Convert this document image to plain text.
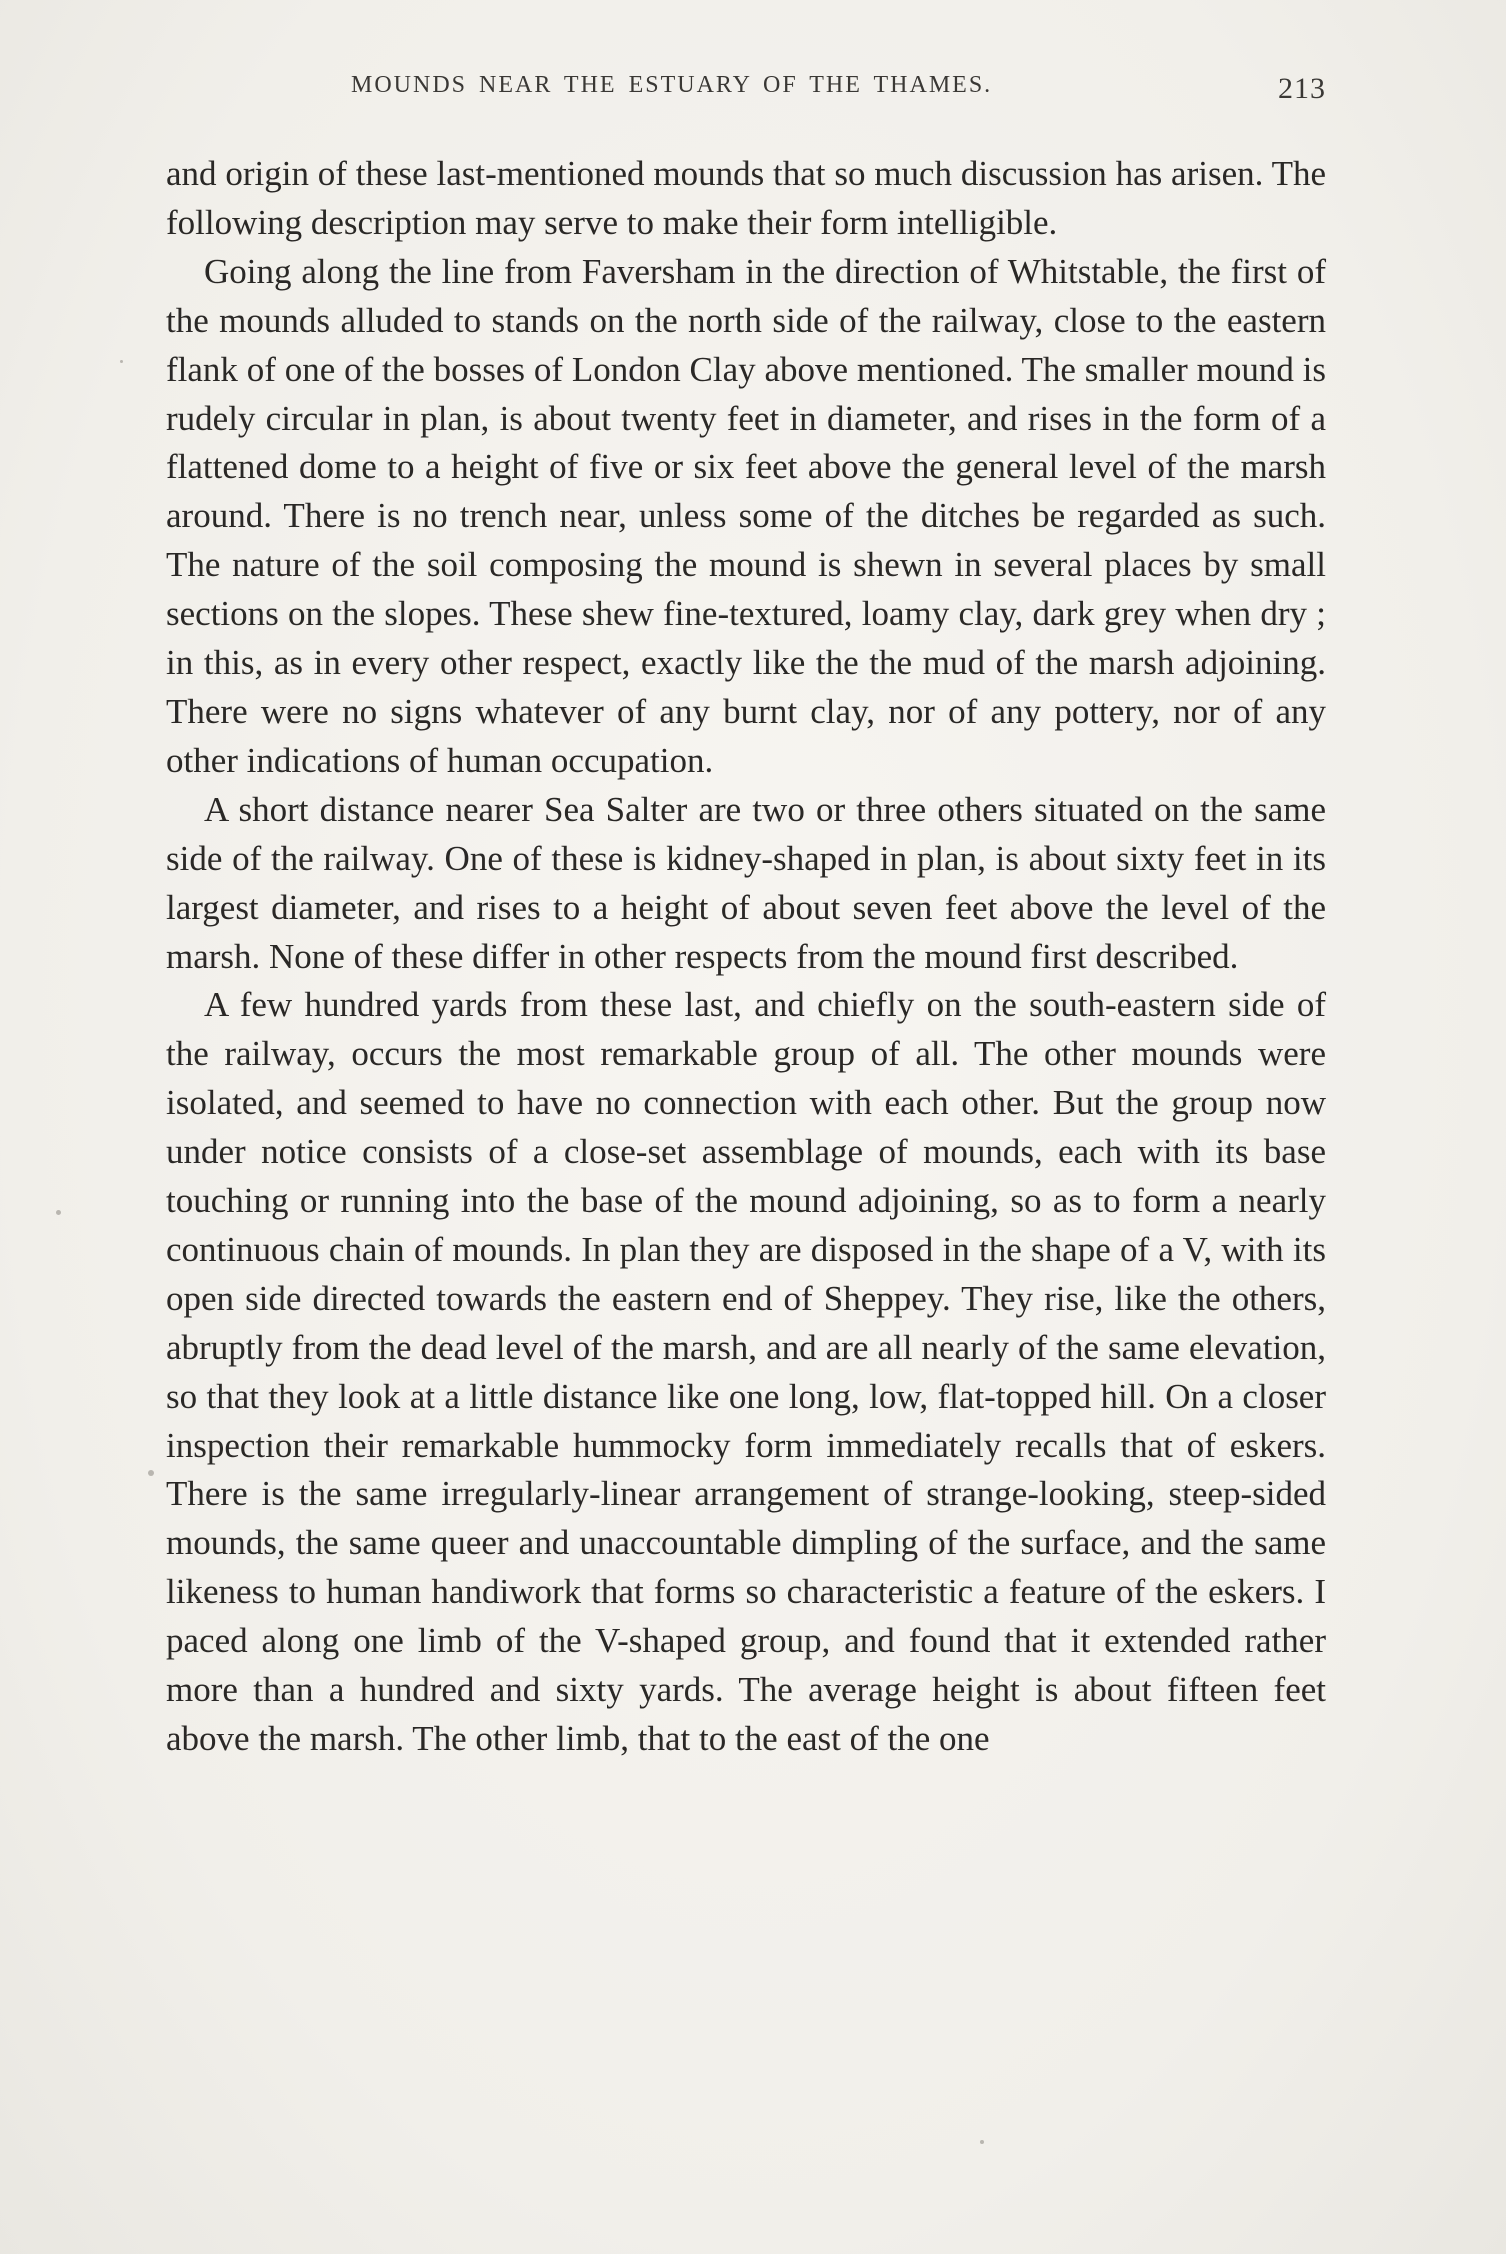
MOUNDS NEAR THE ESTUARY OF THE THAMES.	213

and origin of these last-mentioned mounds that so much discussion has arisen. The following description may serve to make their form intelligible.

Going along the line from Faversham in the direction of Whitstable, the first of the mounds alluded to stands on the north side of the railway, close to the eastern flank of one of the bosses of London Clay above mentioned. The smaller mound is rudely circular in plan, is about twenty feet in diameter, and rises in the form of a flattened dome to a height of five or six feet above the general level of the marsh around. There is no trench near, unless some of the ditches be regarded as such. The nature of the soil composing the mound is shewn in several places by small sections on the slopes. These shew fine-textured, loamy clay, dark grey when dry ; in this, as in every other respect, exactly like the the mud of the marsh adjoining. There were no signs whatever of any burnt clay, nor of any pottery, nor of any other indications of human occupation.

A short distance nearer Sea Salter are two or three others situated on the same side of the railway. One of these is kidney-shaped in plan, is about sixty feet in its largest diameter, and rises to a height of about seven feet above the level of the marsh. None of these differ in other respects from the mound first described.

A few hundred yards from these last, and chiefly on the south-eastern side of the railway, occurs the most remarkable group of all. The other mounds were isolated, and seemed to have no connection with each other. But the group now under notice consists of a close-set assemblage of mounds, each with its base touching or running into the base of the mound adjoining, so as to form a nearly continuous chain of mounds. In plan they are disposed in the shape of a V, with its open side directed towards the eastern end of Sheppey. They rise, like the others, abruptly from the dead level of the marsh, and are all nearly of the same elevation, so that they look at a little distance like one long, low, flat-topped hill. On a closer inspection their remarkable hummocky form immediately recalls that of eskers. There is the same irregularly-linear arrangement of strange-looking, steep-sided mounds, the same queer and unaccountable dimpling of the surface, and the same likeness to human handiwork that forms so characteristic a feature of the eskers. I paced along one limb of the V-shaped group, and found that it extended rather more than a hundred and sixty yards. The average height is about fifteen feet above the marsh. The other limb, that to the east of the one
